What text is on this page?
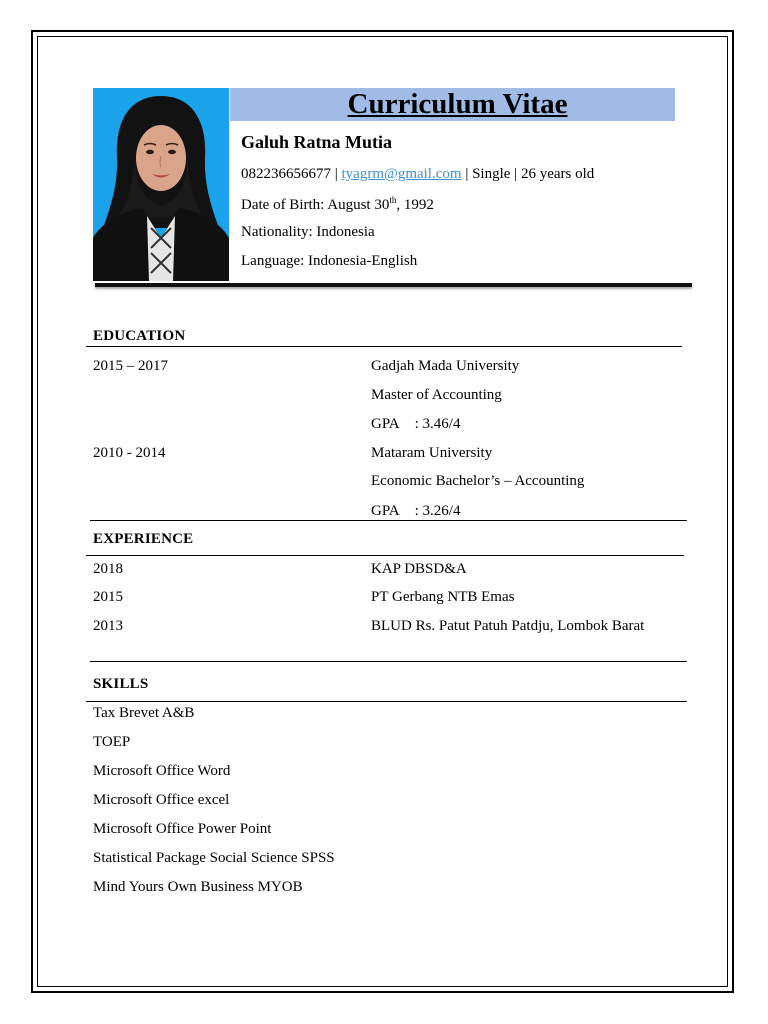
Curriculum Vitae
Galuh Ratna Mutia
082236656677 | tyagrm@gmail.com | Single | 26 years old
Date of Birth: August 30th, 1992
Nationality: Indonesia
Language: Indonesia-English
EDUCATION
2015 – 2017	Gadjah Mada University
Master of Accounting
GPA : 3.46/4
2010 - 2014	Mataram University
Economic Bachelor’s – Accounting
GPA : 3.26/4
EXPERIENCE
2018	KAP DBSD&A
2015	PT Gerbang NTB Emas
2013	BLUD Rs. Patut Patuh Patdju, Lombok Barat
SKILLS
Tax Brevet A&B
TOEP
Microsoft Office Word
Microsoft Office excel
Microsoft Office Power Point
Statistical Package Social Science SPSS
Mind Yours Own Business MYOB
